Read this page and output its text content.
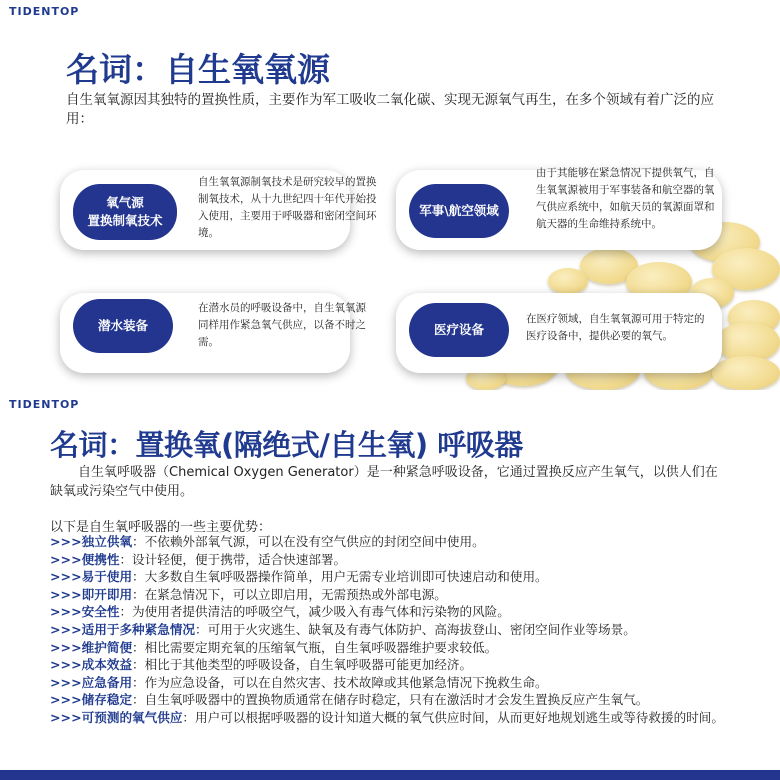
TIDENTOP
名词：自生氧氧源

自生氧氧源因其独特的置换性质，主要作为军工吸收二氧化碳、实现无源氧气再生，在多个领域有着广泛的应用：

氧气源
置换制氧技术

自生氧氧源制氧技术是研究较早的置换制氧技术，从十九世纪四十年代开始投入使用，主要用于呼吸器和密闭空间环境。

军事\航空领域

由于其能够在紧急情况下提供氧气，自生氧氧源被用于军事装备和航空器的氧气供应系统中，如航天员的氧源面罩和航天器的生命维持系统中。

潜水装备

在潜水员的呼吸设备中，自生氧氧源同样用作紧急氧气供应，以备不时之需。

医疗设备

在医疗领域，自生氧氧源可用于特定的医疗设备中，提供必要的氧气。

TIDENTOP
名词：置换氧(隔绝式/自生氧) 呼吸器

自生氧呼吸器（Chemical Oxygen Generator）是一种紧急呼吸设备，它通过置换反应产生氧气，以供人们在缺氧或污染空气中使用。

以下是自生氧呼吸器的一些主要优势：

>>>独立供氧：不依赖外部氧气源，可以在没有空气供应的封闭空间中使用。
>>>便携性：设计轻便，便于携带，适合快速部署。
>>>易于使用：大多数自生氧呼吸器操作简单，用户无需专业培训即可快速启动和使用。
>>>即开即用：在紧急情况下，可以立即启用，无需预热或外部电源。
>>>安全性：为使用者提供清洁的呼吸空气，减少吸入有毒气体和污染物的风险。
>>>适用于多种紧急情况：可用于火灾逃生、缺氧及有毒气体防护、高海拔登山、密闭空间作业等场景。
>>>维护简便：相比需要定期充氧的压缩氧气瓶，自生氧呼吸器维护要求较低。
>>>成本效益：相比于其他类型的呼吸设备，自生氧呼吸器可能更加经济。
>>>应急备用：作为应急设备，可以在自然灾害、技术故障或其他紧急情况下挽救生命。
>>>储存稳定：自生氧呼吸器中的置换物质通常在储存时稳定，只有在激活时才会发生置换反应产生氧气。
>>>可预测的氧气供应：用户可以根据呼吸器的设计知道大概的氧气供应时间，从而更好地规划逃生或等待救援的时间。
